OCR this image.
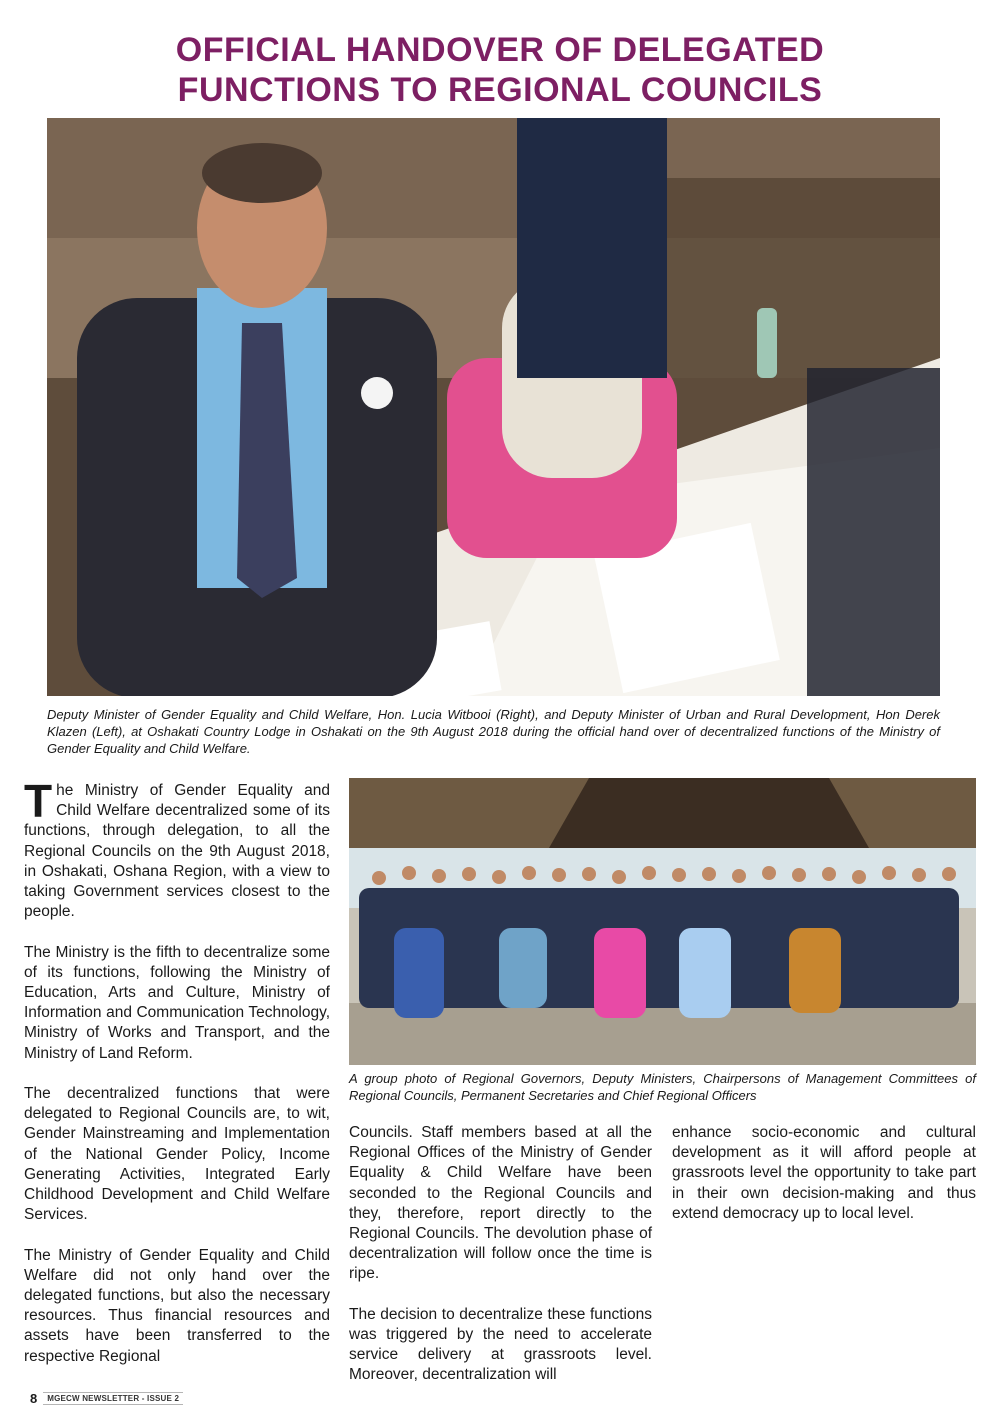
OFFICIAL HANDOVER OF DELEGATED
FUNCTIONS TO REGIONAL COUNCILS
Deputy Minister of Gender Equality and Child Welfare, Hon. Lucia Witbooi (Right), and Deputy Minister of Urban and Rural Development, Hon Derek Klazen (Left), at Oshakati Country Lodge in Oshakati on the 9th August 2018 during the official hand over of decentralized functions of the Ministry of Gender Equality and Child Welfare.
A group photo of Regional Governors, Deputy Ministers, Chairpersons of Management Committees of Regional Councils, Permanent Secretaries and Chief Regional Officers

The Ministry of Gender Equality and Child Welfare decentralized some of its functions, through delegation, to all the Regional Councils on the 9th August 2018, in Oshakati, Oshana Region, with a view to taking Government services closest to the people.

The Ministry is the fifth to decentralize some of its functions, following the Ministry of Education, Arts and Culture, Ministry of Information and Communication Technology, Ministry of Works and Transport, and the Ministry of Land Reform.

The decentralized functions that were delegated to Regional Councils are, to wit, Gender Mainstreaming and Implementation of the National Gender Policy, Income Generating Activities, Integrated Early Childhood Development and Child Welfare Services.

The Ministry of Gender Equality and Child Welfare did not only hand over the delegated functions, but also the necessary resources. Thus financial resources and assets have been transferred to the respective Regional

Councils. Staff members based at all the Regional Offices of the Ministry of Gender Equality & Child Welfare have been seconded to the Regional Councils and they, therefore, report directly to the Regional Councils. The devolution phase of decentralization will follow once the time is ripe.

The decision to decentralize these functions was triggered by the need to accelerate service delivery at grassroots level. Moreover, decentralization will

enhance socio-economic and cultural development as it will afford people at grassroots level the opportunity to take part in their own decision-making and thus extend democracy up to local level.

8	MGECW NEWSLETTER - ISSUE 2
